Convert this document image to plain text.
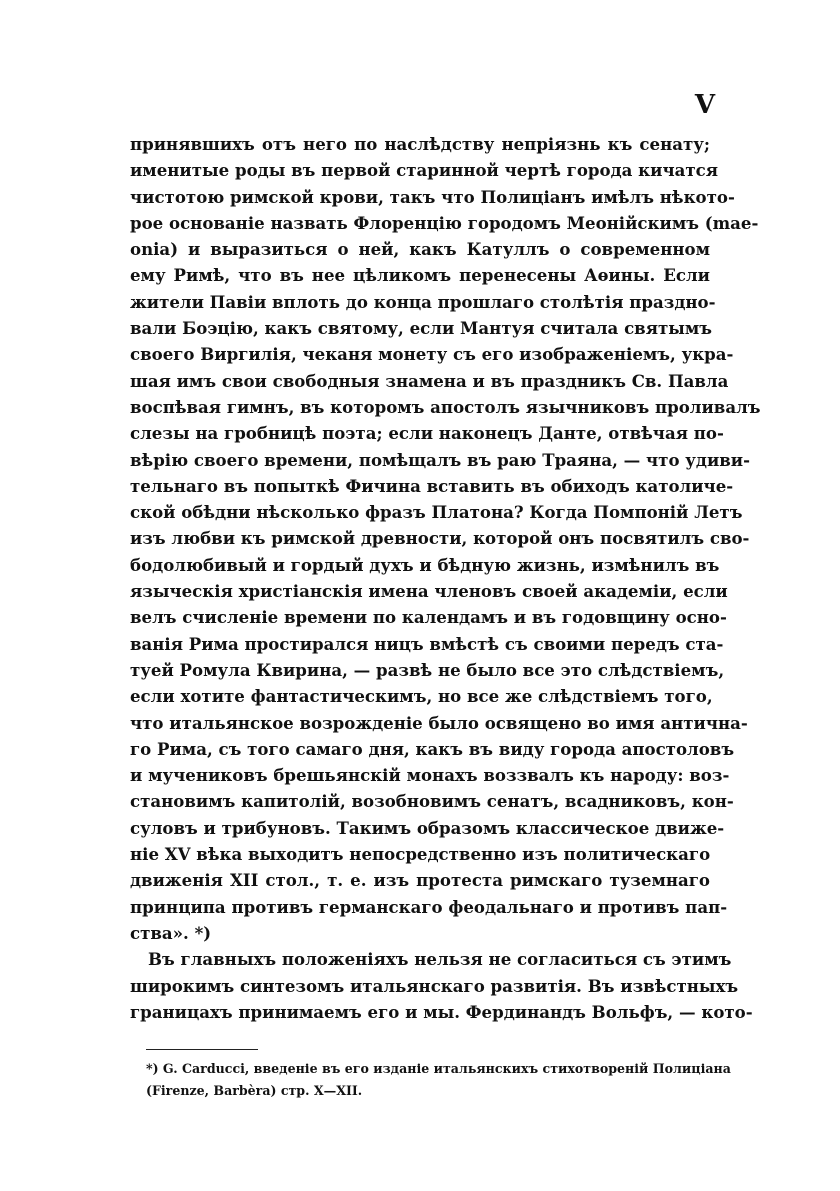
V
принявшихъ отъ него по наслѣдству непріязнь къ сенату;
именитые роды въ первой старинной чертѣ города кичатся
чистотою римской крови, такъ что Полиціанъ имѣлъ нѣкото-
рое основаніе назвать Флоренцію городомъ Меонійскимъ (mae-
onia) и выразиться о ней, какъ Катуллъ о современном
ему Римѣ, что въ нее цѣликомъ перенесены Аѳины. Если
жители Павіи вплоть до конца прошлаго столѣтія праздно-
вали Боэцію, какъ святому, если Мантуя считала святымъ
своего Виргилія, чеканя монету съ его изображеніемъ, укра-
шая имъ свои свободныя знамена и въ праздникъ Св. Павла
воспѣвая гимнъ, въ которомъ апостолъ язычниковъ проливалъ
слезы на гробницѣ поэта; если наконецъ Данте, отвѣчая по-
вѣрію своего времени, помѣщалъ въ раю Траяна, — что удиви-
тельнаго въ попыткѣ Фичина вставить въ обиходъ католиче-
ской обѣдни нѣсколько фразъ Платона? Когда Помпоній Летъ
изъ любви къ римской древности, которой онъ посвятилъ сво-
бодолюбивый и гордый духъ и бѣдную жизнь, измѣнилъ въ
языческія христіанскія имена членовъ своей академіи, если
велъ счисленіе времени по календамъ и въ годовщину осно-
ванія Рима простирался ницъ вмѣстѣ съ своими передъ ста-
туей Ромула Квирина, — развѣ не было все это слѣдствіемъ,
если хотите фантастическимъ, но все же слѣдствіемъ того,
что итальянское возрожденіе было освящено во имя антична-
го Рима, съ того самаго дня, какъ въ виду города апостоловъ
и мучениковъ брешьянскій монахъ воззвалъ къ народу: воз-
становимъ капитолій, возобновимъ сенатъ, всадниковъ, кон-
суловъ и трибуновъ. Такимъ образомъ классическое движе-
ніе XV вѣка выходитъ непосредственно изъ политическаго
движенія XII стол., т. е. изъ протеста римскаго туземнаго
принципа противъ германскаго феодальнаго и противъ пап-
ства». *)
Въ главныхъ положеніяхъ нельзя не согласиться съ этимъ
широкимъ синтезомъ итальянскаго развитія. Въ извѣстныхъ
границахъ принимаемъ его и мы. Фердинандъ Вольфъ, — кото-
*) G. Carducci, введеніе въ его изданіе итальянскихъ стихотвореній Полиціана
(Firenze, Barbèra) стр. X—XII.
